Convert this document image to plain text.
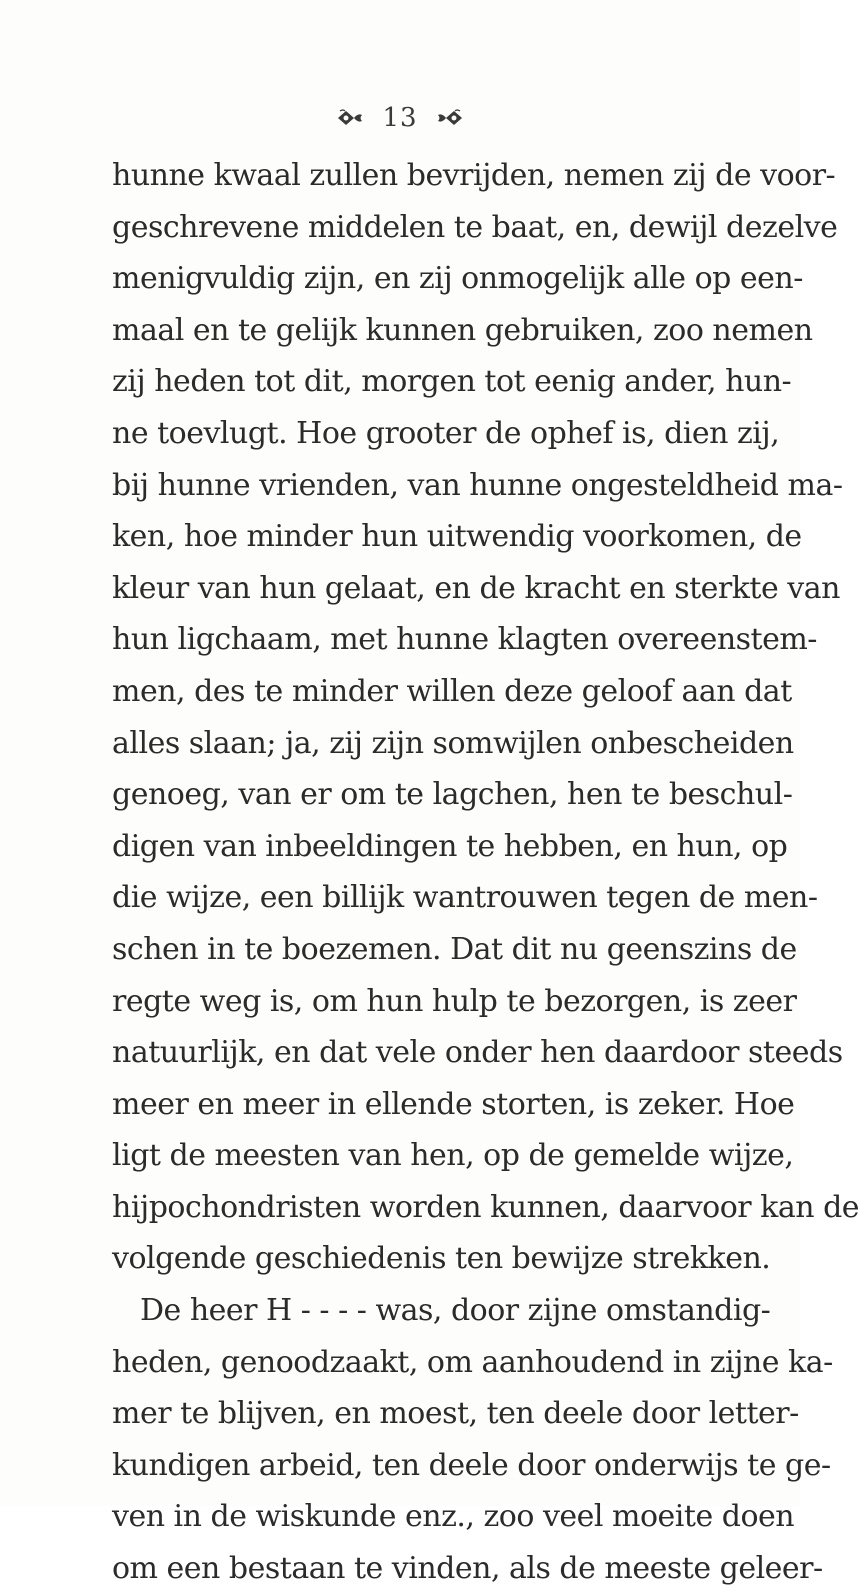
13
hunne kwaal zullen bevrijden, nemen zij de voor-
geschrevene middelen te baat, en, dewijl dezelve
menigvuldig zijn, en zij onmogelijk alle op een-
maal en te gelijk kunnen gebruiken, zoo nemen
zij heden tot dit, morgen tot eenig ander, hun-
ne toevlugt. Hoe grooter de ophef is, dien zij,
bij hunne vrienden, van hunne ongesteldheid ma-
ken, hoe minder hun uitwendig voorkomen, de
kleur van hun gelaat, en de kracht en sterkte van
hun ligchaam, met hunne klagten overeenstem-
men, des te minder willen deze geloof aan dat
alles slaan; ja, zij zijn somwijlen onbescheiden
genoeg, van er om te lagchen, hen te beschul-
digen van inbeeldingen te hebben, en hun, op
die wijze, een billijk wantrouwen tegen de men-
schen in te boezemen. Dat dit nu geenszins de
regte weg is, om hun hulp te bezorgen, is zeer
natuurlijk, en dat vele onder hen daardoor steeds
meer en meer in ellende storten, is zeker. Hoe
ligt de meesten van hen, op de gemelde wijze,
hijpochondristen worden kunnen, daarvoor kan de
volgende geschiedenis ten bewijze strekken.
De heer H - - - - was, door zijne omstandig-
heden, genoodzaakt, om aanhoudend in zijne ka-
mer te blijven, en moest, ten deele door letter-
kundigen arbeid, ten deele door onderwijs te ge-
ven in de wiskunde enz., zoo veel moeite doen
om een bestaan te vinden, als de meeste geleer-
